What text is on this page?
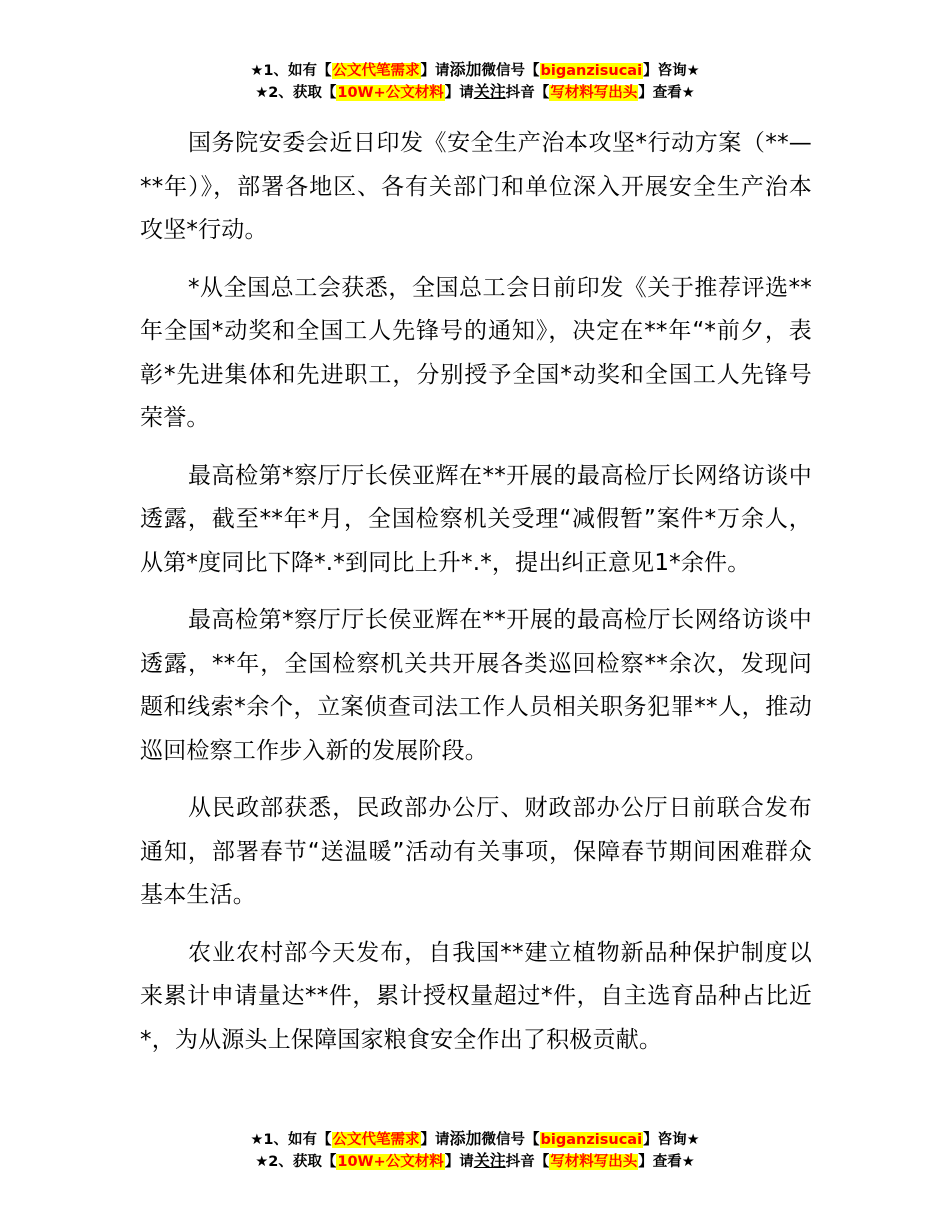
★1、如有【公文代笔需求】请添加微信号【biganzisucai】咨询★
★2、获取【10W+公文材料】请关注抖音【写材料写出头】查看★

国务院安委会近日印发《安全生产治本攻坚*行动方案（**—**年）》，部署各地区、各有关部门和单位深入开展安全生产治本攻坚*行动。

*从全国总工会获悉，全国总工会日前印发《关于推荐评选**年全国*动奖和全国工人先锋号的通知》，决定在**年“*前夕，表彰*先进集体和先进职工，分别授予全国*动奖和全国工人先锋号荣誉。

最高检第*察厅厅长侯亚辉在**开展的最高检厅长网络访谈中透露，截至**年*月，全国检察机关受理“减假暂”案件*万余人，从第*度同比下降*.*到同比上升*.*，提出纠正意见1*余件。

最高检第*察厅厅长侯亚辉在**开展的最高检厅长网络访谈中透露，**年，全国检察机关共开展各类巡回检察**余次，发现问题和线索*余个，立案侦查司法工作人员相关职务犯罪**人，推动巡回检察工作步入新的发展阶段。

从民政部获悉，民政部办公厅、财政部办公厅日前联合发布通知，部署春节“送温暖”活动有关事项，保障春节期间困难群众基本生活。

农业农村部今天发布，自我国**建立植物新品种保护制度以来累计申请量达**件，累计授权量超过*件，自主选育品种占比近*，为从源头上保障国家粮食安全作出了积极贡献。

★1、如有【公文代笔需求】请添加微信号【biganzisucai】咨询★
★2、获取【10W+公文材料】请关注抖音【写材料写出头】查看★
